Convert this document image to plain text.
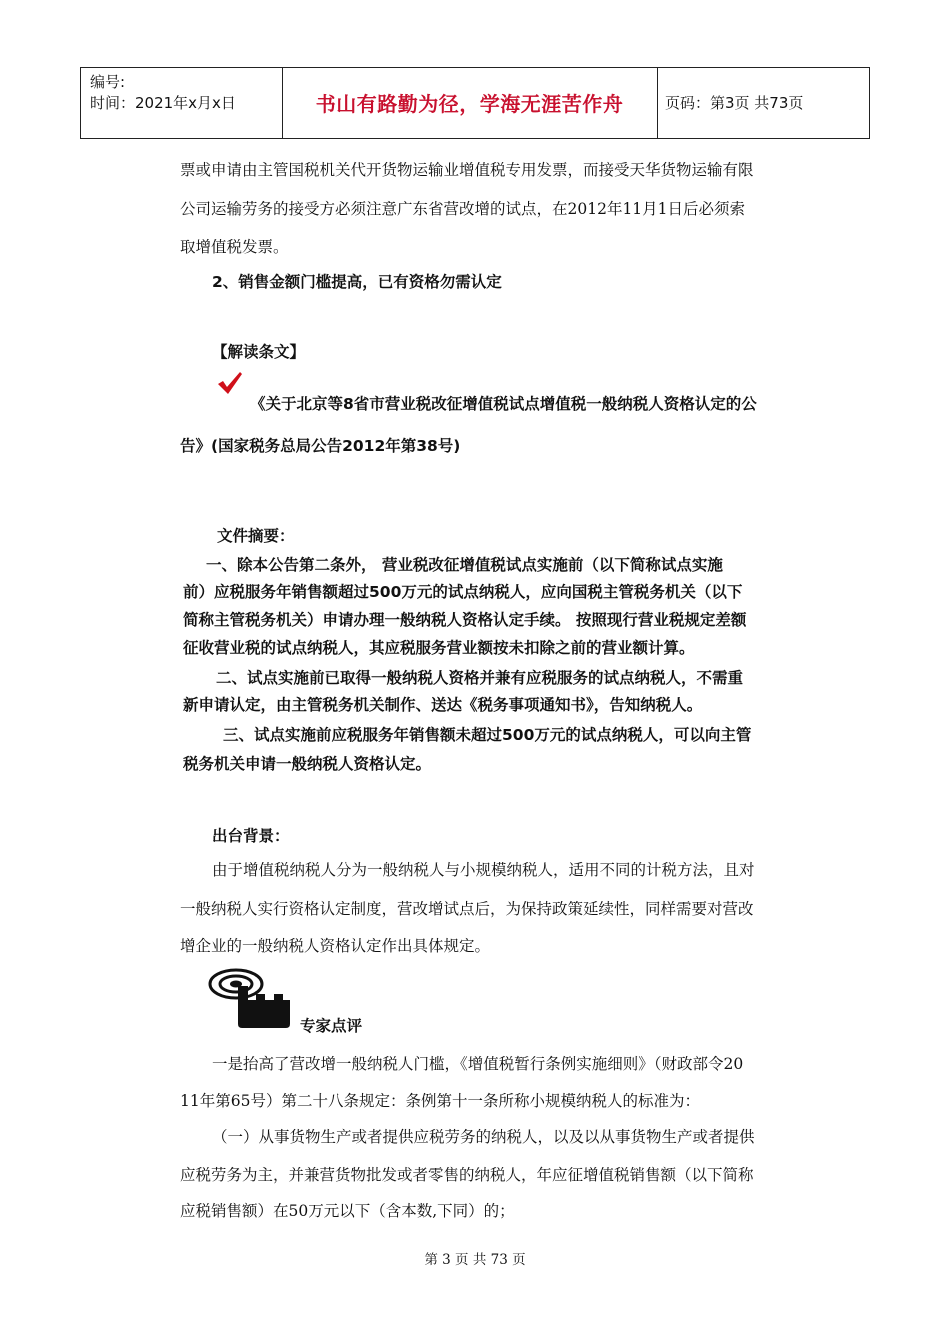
编号:
时间：2021年x月x日	书山有路勤为径，学海无涯苦作舟	页码：第3页 共73页
票或申请由主管国税机关代开货物运输业增值税专用发票，而接受天华货物运输有限
公司运输劳务的接受方必须注意广东省营改增的试点，在2012年11月1日后必须索
取增值税发票。
2、销售金额门槛提高，已有资格勿需认定
【解读条文】
《关于北京等8省市营业税改征增值税试点增值税一般纳税人资格认定的公
告》(国家税务总局公告2012年第38号)
文件摘要：
一、除本公告第二条外， 营业税改征增值税试点实施前（以下简称试点实施
前）应税服务年销售额超过500万元的试点纳税人，应向国税主管税务机关（以下
简称主管税务机关）申请办理一般纳税人资格认定手续。 按照现行营业税规定差额
征收营业税的试点纳税人，其应税服务营业额按未扣除之前的营业额计算。
二、试点实施前已取得一般纳税人资格并兼有应税服务的试点纳税人，不需重
新申请认定，由主管税务机关制作、送达《税务事项通知书》，告知纳税人。
三、试点实施前应税服务年销售额未超过500万元的试点纳税人，可以向主管
税务机关申请一般纳税人资格认定。
出台背景：
由于增值税纳税人分为一般纳税人与小规模纳税人，适用不同的计税方法，且对
一般纳税人实行资格认定制度，营改增试点后，为保持政策延续性，同样需要对营改
增企业的一般纳税人资格认定作出具体规定。
专家点评
一是抬高了营改增一般纳税人门槛，《增值税暂行条例实施细则》（财政部令20
11年第65号）第二十八条规定：条例第十一条所称小规模纳税人的标准为：
（一）从事货物生产或者提供应税劳务的纳税人，以及以从事货物生产或者提供
应税劳务为主，并兼营货物批发或者零售的纳税人，年应征增值税销售额（以下简称
应税销售额）在50万元以下（含本数,下同）的；
第 3 页 共 73 页
